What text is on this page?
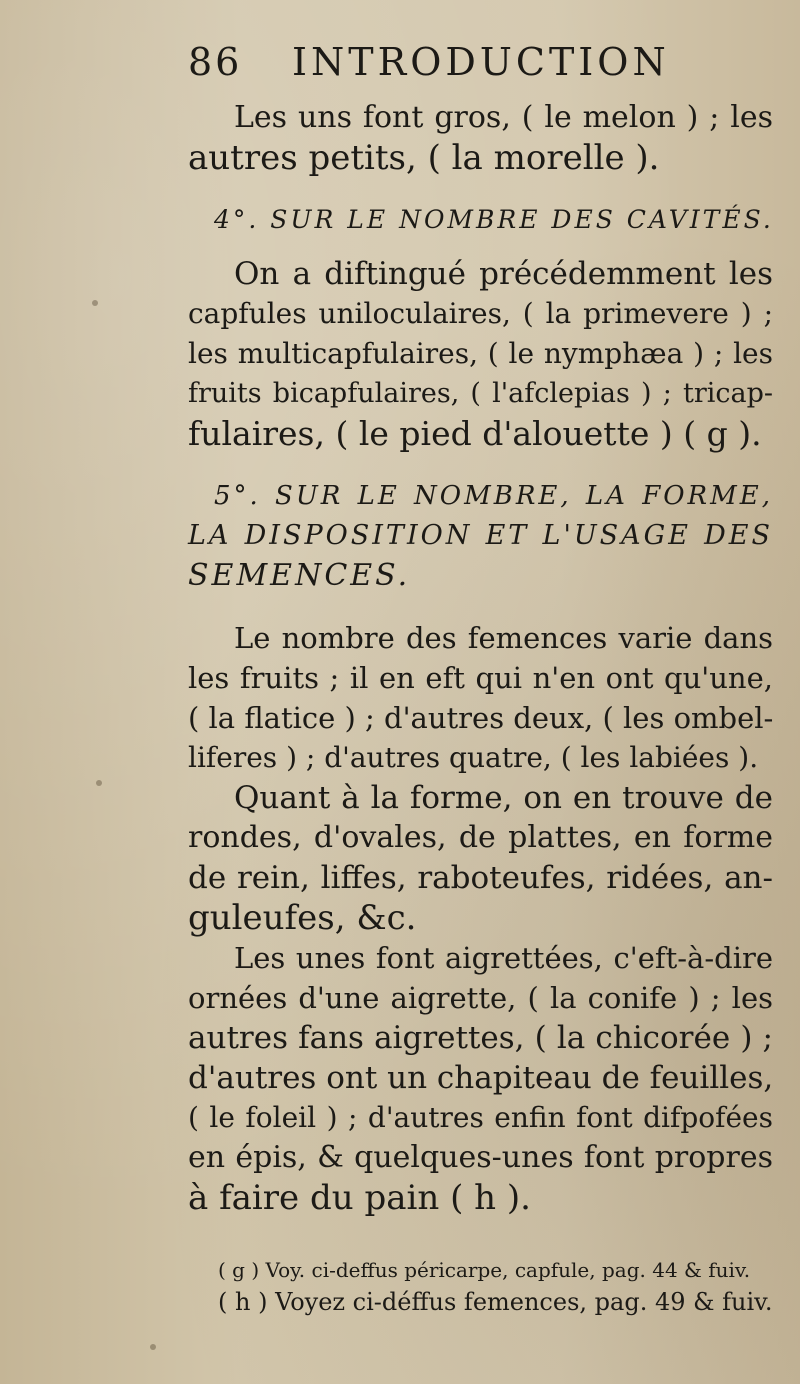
86	INTRODUCTION
Les uns font gros, ( le melon ) ; les
autres petits, ( la morelle ).
4°. SUR LE NOMBRE DES CAVITÉS.
On a diftingué précédemment les
capfules uniloculaires, ( la primevere ) ;
les multicapfulaires, ( le nymphæa ) ; les
fruits bicapfulaires, ( l'afclepias ) ; tricap-
fulaires, ( le pied d'alouette ) ( g ).
5°. SUR LE NOMBRE, LA FORME,
LA DISPOSITION ET L'USAGE DES
SEMENCES.
Le nombre des femences varie dans
les fruits ; il en eft qui n'en ont qu'une,
( la flatice ) ; d'autres deux, ( les ombel-
liferes ) ; d'autres quatre, ( les labiées ).
Quant à la forme, on en trouve de
rondes, d'ovales, de plattes, en forme
de rein, liffes, raboteufes, ridées, an-
guleufes, &c.
Les unes font aigrettées, c'eft-à-dire
ornées d'une aigrette, ( la conife ) ; les
autres fans aigrettes, ( la chicorée ) ;
d'autres ont un chapiteau de feuilles,
( le foleil ) ; d'autres enfin font difpofées
en épis, & quelques-unes font propres
à faire du pain ( h ).
( g ) Voy. ci-deffus péricarpe, capfule, pag. 44 & fuiv.
( h ) Voyez ci-déffus femences, pag. 49 & fuiv.
